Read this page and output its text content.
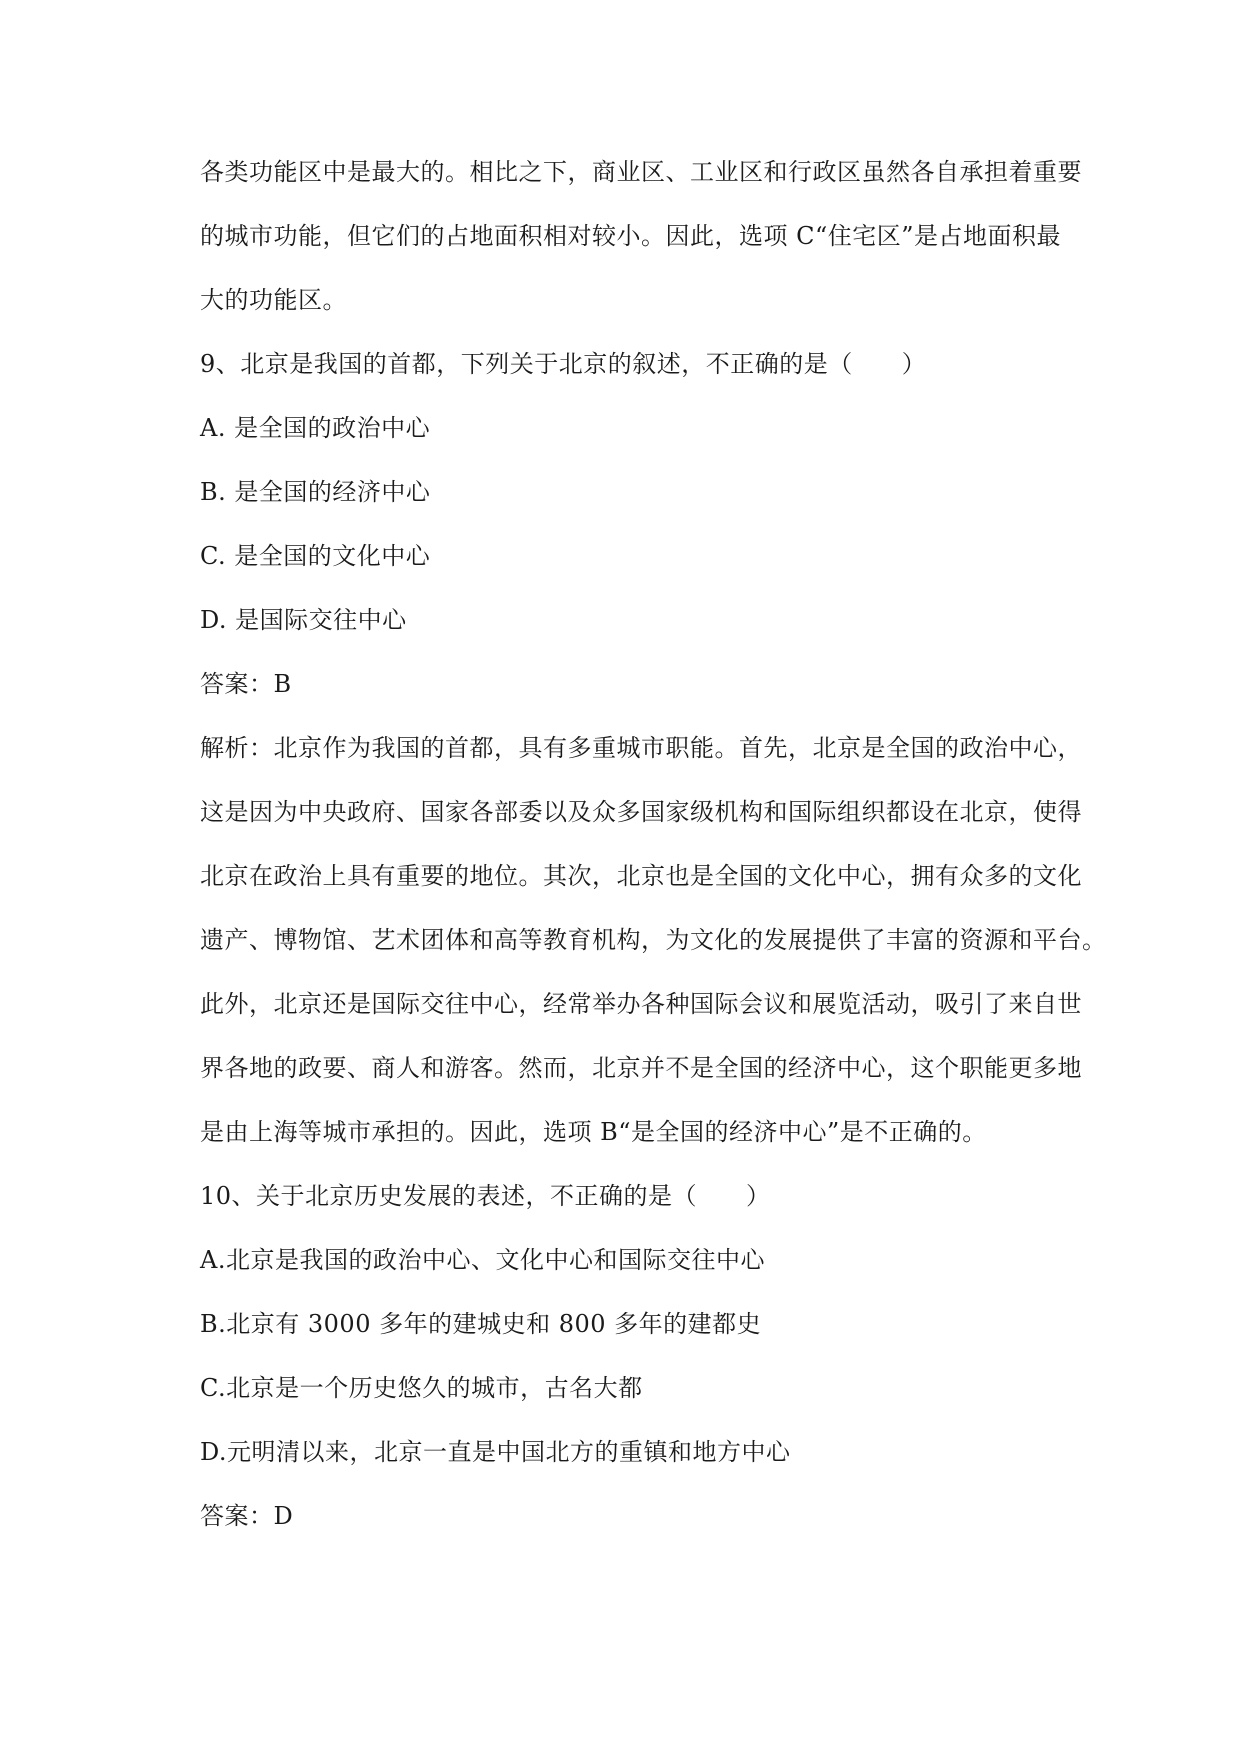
各类功能区中是最大的。相比之下，商业区、工业区和行政区虽然各自承担着重要
的城市功能，但它们的占地面积相对较小。因此，选项 C“住宅区”是占地面积最
大的功能区。
9、北京是我国的首都，下列关于北京的叙述，不正确的是（　　）
A. 是全国的政治中心
B. 是全国的经济中心
C. 是全国的文化中心
D. 是国际交往中心
答案：B
解析：北京作为我国的首都，具有多重城市职能。首先，北京是全国的政治中心，
这是因为中央政府、国家各部委以及众多国家级机构和国际组织都设在北京，使得
北京在政治上具有重要的地位。其次，北京也是全国的文化中心，拥有众多的文化
遗产、博物馆、艺术团体和高等教育机构，为文化的发展提供了丰富的资源和平台。
此外，北京还是国际交往中心，经常举办各种国际会议和展览活动，吸引了来自世
界各地的政要、商人和游客。然而，北京并不是全国的经济中心，这个职能更多地
是由上海等城市承担的。因此，选项 B“是全国的经济中心”是不正确的。
10、关于北京历史发展的表述，不正确的是（　　）
A.北京是我国的政治中心、文化中心和国际交往中心
B.北京有 3000 多年的建城史和 800 多年的建都史
C.北京是一个历史悠久的城市，古名大都
D.元明清以来，北京一直是中国北方的重镇和地方中心
答案：D
